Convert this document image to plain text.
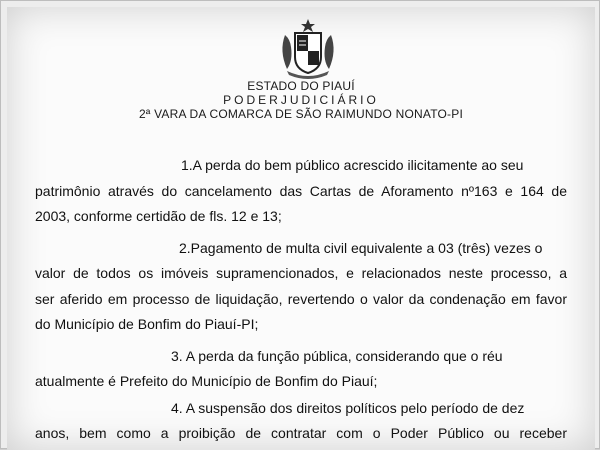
ESTADO DO PIAUÍ
PODERJUDICIÁRIO
2ª VARA DA COMARCA DE SÃO RAIMUNDO NONATO-PI
1.A perda do bem público acrescido ilicitamente ao seu
patrimônio através do cancelamento das Cartas de Aforamento nº163 e 164 de
2003, conforme certidão de fls. 12 e 13;
2.Pagamento de multa civil equivalente a 03 (três) vezes o
valor de todos os imóveis supramencionados, e relacionados neste processo, a
ser aferido em processo de liquidação, revertendo o valor da condenação em favor
do Município de Bonfim do Piauí-PI;
3. A perda da função pública, considerando que o réu
atualmente é Prefeito do Município de Bonfim do Piauí;
4. A suspensão dos direitos políticos pelo período de dez
anos, bem como a proibição de contratar com o Poder Público ou receber
